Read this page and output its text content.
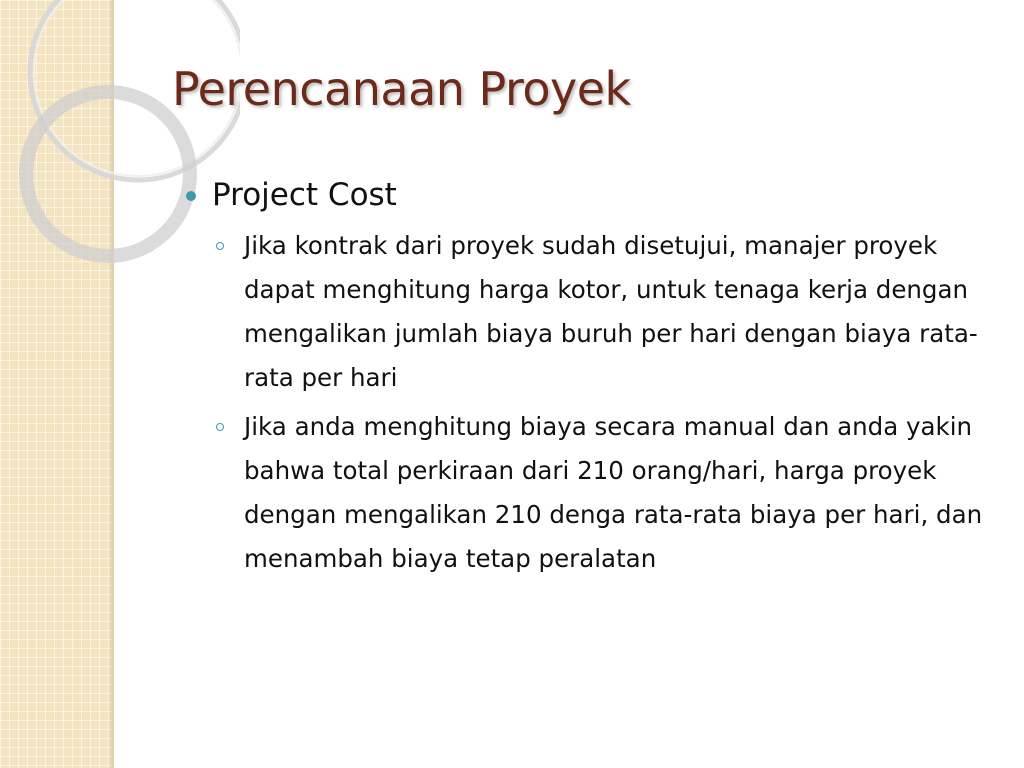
Perencanaan Proyek
Project Cost
Jika kontrak dari proyek sudah disetujui, manajer proyek dapat menghitung harga kotor, untuk tenaga kerja dengan mengalikan jumlah biaya buruh per hari dengan biaya rata-rata per hari
Jika anda menghitung biaya secara manual dan anda yakin bahwa total perkiraan dari 210 orang/hari, harga proyek dengan mengalikan 210 denga rata-rata biaya per hari, dan menambah biaya tetap peralatan
